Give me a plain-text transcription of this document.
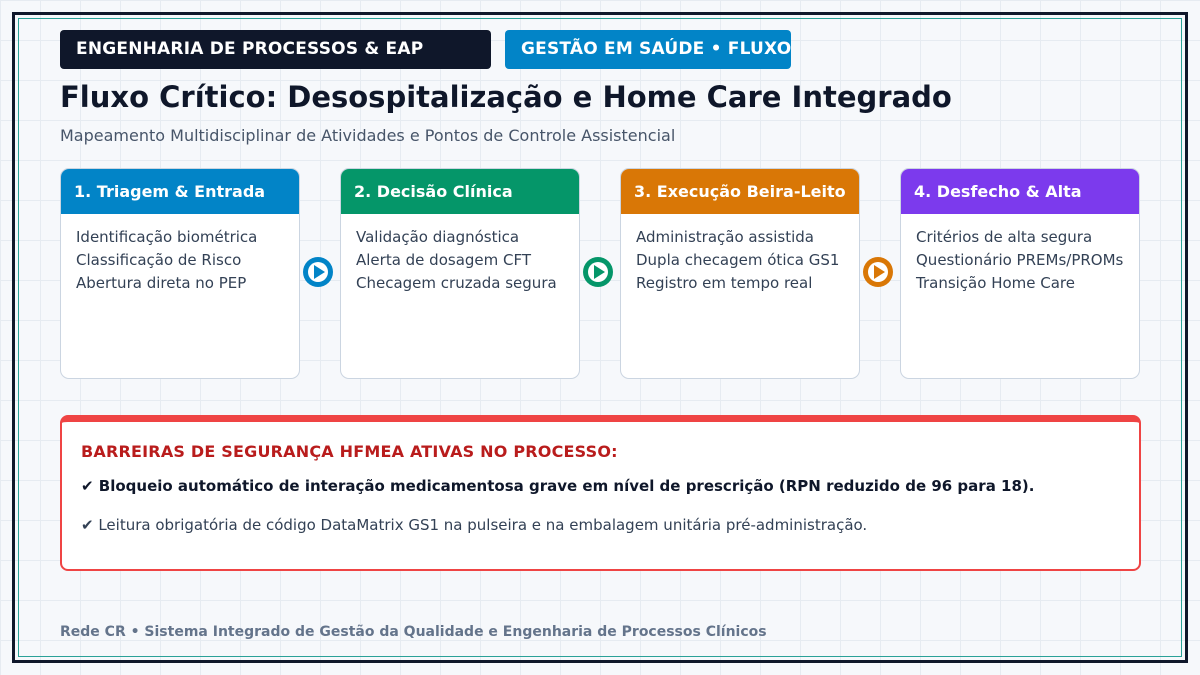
ENGENHARIA DE PROCESSOS & EAP	GESTÃO EM SAÚDE • FLUXO
Fluxo Crítico: Desospitalização e Home Care Integrado
Mapeamento Multidisciplinar de Atividades e Pontos de Controle Assistencial
1. Triagem & Entrada
Identificação biométrica
Classificação de Risco
Abertura direta no PEP
2. Decisão Clínica
Validação diagnóstica
Alerta de dosagem CFT
Checagem cruzada segura
3. Execução Beira-Leito
Administração assistida
Dupla checagem ótica GS1
Registro em tempo real
4. Desfecho & Alta
Critérios de alta segura
Questionário PREMs/PROMs
Transição Home Care
BARREIRAS DE SEGURANÇA HFMEA ATIVAS NO PROCESSO:
✔ Bloqueio automático de interação medicamentosa grave em nível de prescrição (RPN reduzido de 96 para 18).
✔ Leitura obrigatória de código DataMatrix GS1 na pulseira e na embalagem unitária pré-administração.
Rede CR • Sistema Integrado de Gestão da Qualidade e Engenharia de Processos Clínicos
